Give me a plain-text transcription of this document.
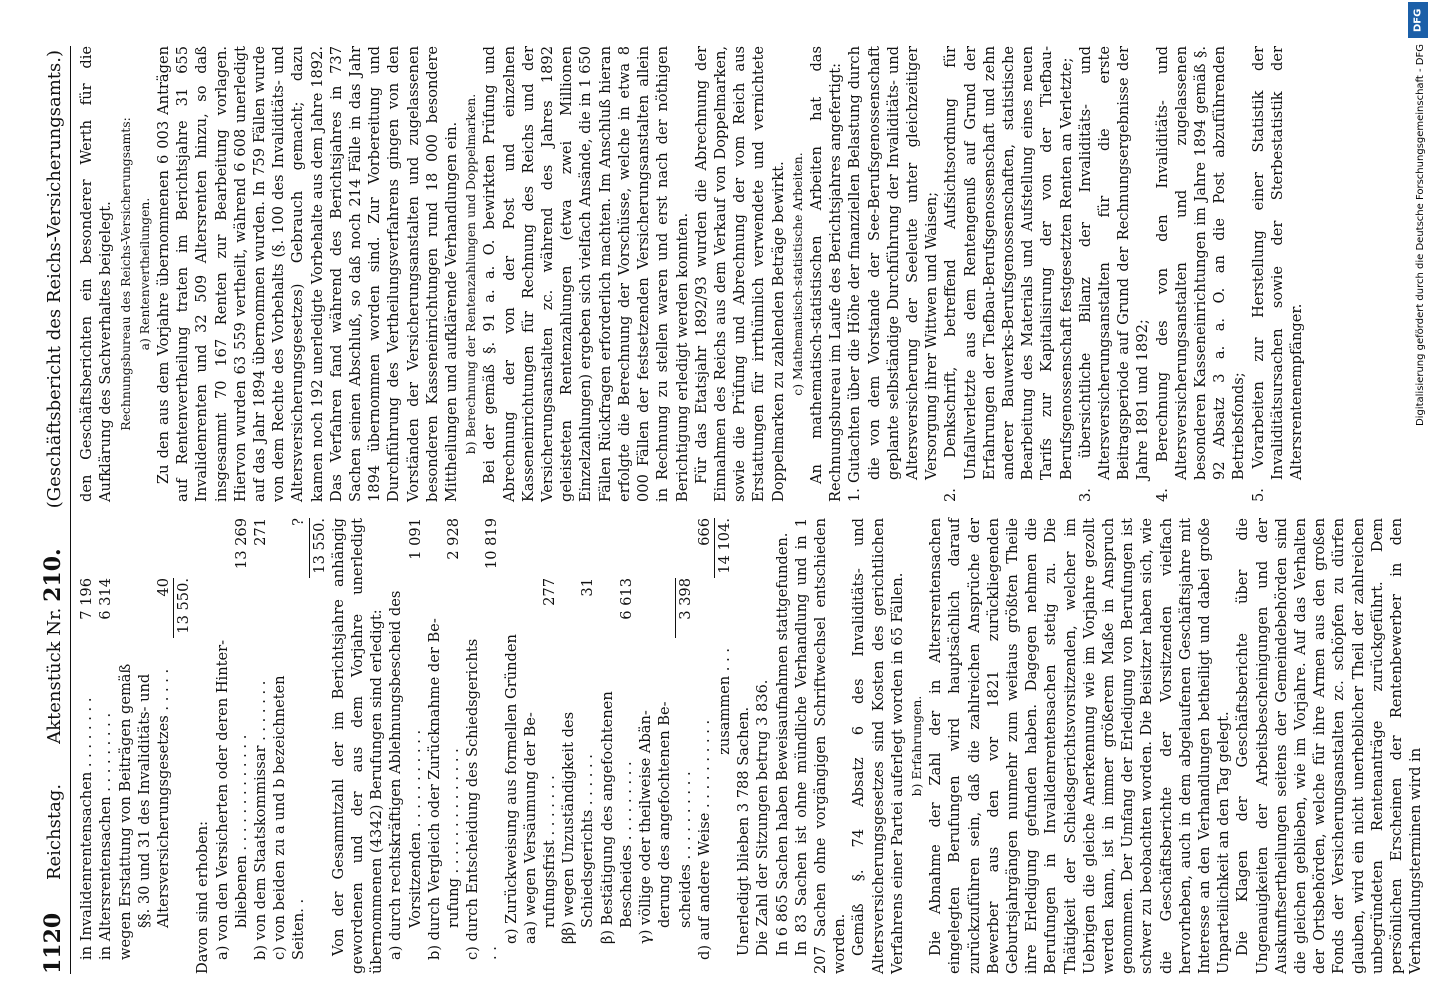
1120
Reichstag.       Aktenstück Nr. 210.       (Geschäftsbericht des Reichs-Versicherungsamts.)
in Invalidenrentensachen . . . . . . . .
7 196
in Altersrentensachen . . . . . . . . .
6 314

wegen Erstattung von Beiträgen gemäß §§. 30 und 31 des Invaliditäts- und Altersversicherungsgesetzes . . . . .
40 13 550.

Davon sind erhoben: a) von den Versicherten oder deren Hinter- bliebenen . . . . . . . . . . . . .
13 269
b) von dem Staatskommissar . . . . . . .
271
c) von beiden zu a und b bezeichneten Seiten. .
? 13 550. Von der Gesammtzahl der im Berichtsjahre anhängig gewordenen und der aus dem Vorjahre unerledigt übernommenen (4342) Berufungen sind erledigt: a) durch rechtskräftigen Ablehnungsbescheid des Vorsitzenden . . . . . . . . . . .
1 091

b) durch Vergleich oder Zurücknahme der Be- rufung . . . . . . . . . . . . . .
2 928
c) durch Entscheidung des Schiedsgerichts . .
10 819

α) Zurückweisung aus formellen Gründen aa) wegen Versäumung der Be- rufungsfrist . . . . . . .
277

ββ) wegen Unzuständigkeit des Schiedsgerichts . . . . . .
31

β) Bestätigung des angefochtenen Bescheides . . . . . . . . .
6 613

γ) völlige oder theilweise Abän- derung des angefochtenen Be- scheides . . . . . . . . . .
3 398
d) auf andere Weise . . . . . . . . . .
666
zusammen . . .
14 104.

Unerledigt blieben 3 788 Sachen. Die Zahl der Sitzungen betrug 3 836. In 6 865 Sachen haben Beweisaufnahmen stattgefunden. In 83 Sachen ist ohne mündliche Verhandlung und in 1 207 Sachen ohne vorgängigen Schriftwechsel entschieden worden. Gemäß §. 74 Absatz 6 des Invaliditäts- und Altersversicherungsgesetzes sind Kosten des gerichtlichen Verfahrens einer Partei auferlegt worden in 65 Fällen. b) Erfahrungen. Die Abnahme der Zahl der in Altersrentensachen eingelegten Berufungen wird hauptsächlich darauf zurückzuführen sein, daß die zahlreichen Ansprüche der Bewerber aus den vor 1821 zurückliegenden Geburtsjahrgängen nunmehr zum weitaus größten Theile ihre Erledigung gefunden haben. Dagegen nehmen die Berufungen in Invalidenrentensachen stetig zu. Die Thätigkeit der Schiedsgerichtsvorsitzenden, welcher im Uebrigen die gleiche Anerkennung wie im Vorjahre gezollt werden kann, ist in immer größerem Maße in Anspruch genommen. Der Umfang der Erledigung von Berufungen ist schwer zu beobachten worden. Die Beisitzer haben sich, wie die Geschäftsberichte der Vorsitzenden vielfach hervorheben, auch in dem abgelaufenen Geschäftsjahre mit Interesse an den Verhandlungen betheiligt und dabei große Unparteilichkeit an den Tag gelegt. Die Klagen der Geschäftsberichte über die Ungenauigkeiten der Arbeitsbescheinigungen und der Auskunftsertheilungen seitens der Gemeindebehörden sind die gleichen geblieben, wie im Vorjahre. Auf das Verhalten der Ortsbehörden, welche für ihre Armen aus den großen Fonds der Versicherungsanstalten zc. schöpfen zu dürfen glauben, wird ein nicht unerheblicher Theil der zahlreichen unbegründeten Rentenanträge zurückgeführt. Dem persönlichen Erscheinen der Rentenbewerber in den Verhandlungsterminen wird in

den Geschäftsberichten ein besonderer Werth für die Aufklärung des Sachverhaltes beigelegt. Rechnungsbureau des Reichs-Versicherungsamts: a) Rentenvertheilungen. Zu den aus dem Vorjahre übernommenen 6 003 Anträgen auf Rentenvertheilung traten im Berichtsjahre 31 655 Invalidenrenten und 32 509 Altersrenten hinzu, so daß insgesammt 70 167 Renten zur Bearbeitung vorlagen. Hiervon wurden 63 559 vertheilt, während 6 608 unerledigt auf das Jahr 1894 übernommen wurden. In 759 Fällen wurde von dem Rechte des Vorbehalts (§. 100 des Invaliditäts- und Altersversicherungsgesetzes) Gebrauch gemacht; dazu kamen noch 192 unerledigte Vorbehalte aus dem Jahre 1892. Das Verfahren fand während des Berichtsjahres in 737 Sachen seinen Abschluß, so daß noch 214 Fälle in das Jahr 1894 übernommen worden sind. Zur Vorbereitung und Durchführung des Vertheilungsverfahrens gingen von den Vorständen der Versicherungsanstalten und zugelassenen besonderen Kasseneinrichtungen rund 18 000 besondere Mittheilungen und aufklärende Verhandlungen ein. b) Berechnung der Rentenzahlungen und Doppelmarken. Bei der gemäß §. 91 a. a. O. bewirkten Prüfung und Abrechnung der von der Post und einzelnen Kasseneinrichtungen für Rechnung des Reichs und der Versicherungsanstalten zc. während des Jahres 1892 geleisteten Rentenzahlungen (etwa zwei Millionen Einzelzahlungen) ergeben sich vielfach Ansände, die in 1 650 Fällen Rückfragen erforderlich machten. Im Anschluß hieran erfolgte die Berechnung der Vorschüsse, welche in etwa 8 000 Fällen der festsetzenden Versicherungsanstalten allein in Rechnung zu stellen waren und erst nach der nöthigen Berichtigung erledigt werden konnten. Für das Etatsjahr 1892/93 wurden die Abrechnung der Einnahmen des Reichs aus dem Verkauf von Doppelmarken, sowie die Prüfung und Abrechnung der vom Reich aus Erstattungen für irrthümlich verwendete und vernichtete Doppelmarken zu zahlenden Beträge bewirkt. c) Mathematisch-statistische Arbeiten. An mathematisch-statistischen Arbeiten hat das Rechnungsbureau im Laufe des Berichtsjahres angefertigt: 1. Gutachten über die Höhe der finanziellen Belastung durch die von dem Vorstande der See-Berufsgenossenschaft geplante selbständige Durchführung der Invaliditäts- und Altersversicherung der Seeleute unter gleichzeitiger Versorgung ihrer Wittwen und Waisen; 2. Denkschrift, betreffend Aufsichtsordnung für Unfallverletzte aus dem Rentengenuß auf Grund der Erfahrungen der Tiefbau-Berufsgenossenschaft und zehn anderer Bauwerks-Berufsgenossenschaften, statistische Bearbeitung des Materials und Aufstellung eines neuen Tarifs zur Kapitalisirung der von der Tiefbau-Berufsgenossenschaft festgesetzten Renten an Verletzte; 3. übersichtliche Bilanz der Invaliditäts- und Altersversicherungsanstalten für die erste Beitragsperiode auf Grund der Rechnungsergebnisse der Jahre 1891 und 1892; 4. Berechnung des von den Invaliditäts- und Altersversicherungsanstalten und zugelassenen besonderen Kasseneinrichtungen im Jahre 1894 gemäß §. 92 Absatz 3 a. a. O. an die Post abzuführenden Betriebsfonds; 5. Vorarbeiten zur Herstellung einer Statistik der Invaliditätsursachen sowie der Sterbestatistik der Altersrentenempfänger.

DFG
Digitalisierung gefördert durch die Deutsche Forschungsgemeinschaft - DFG
